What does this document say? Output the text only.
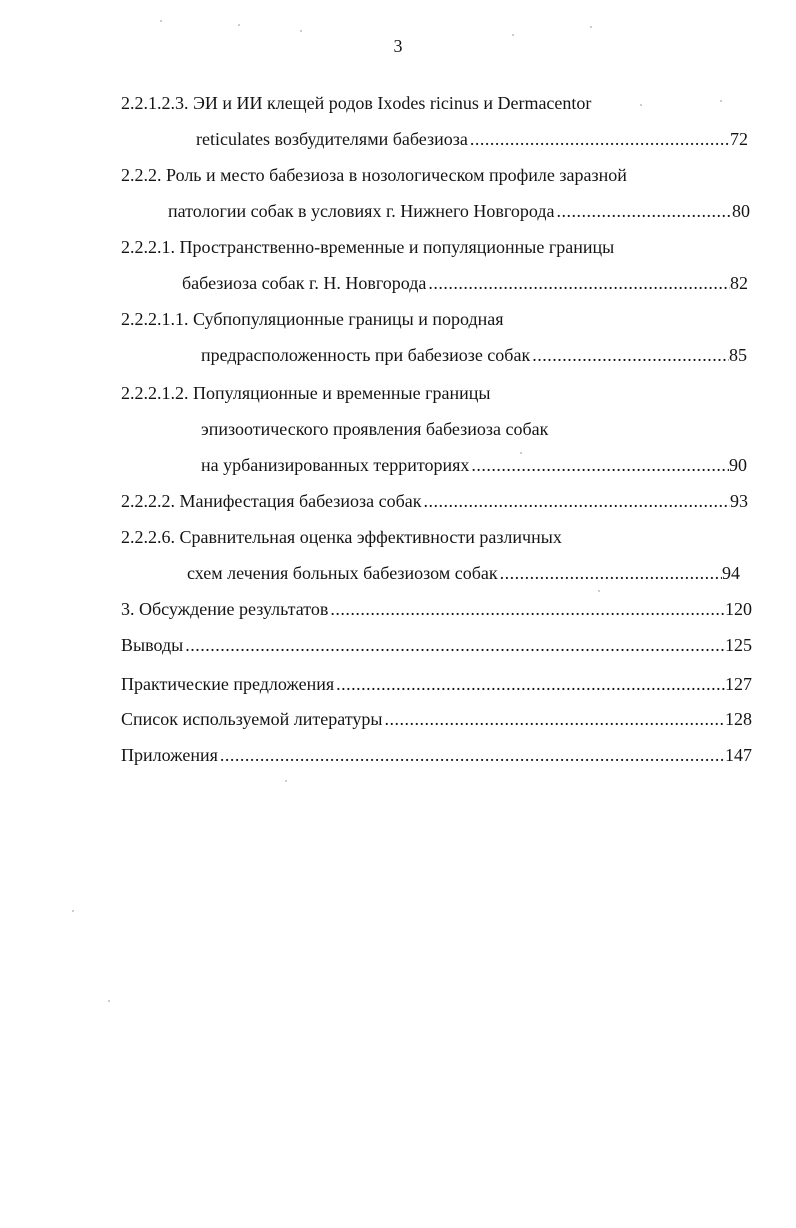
3
2.2.1.2.3. ЭИ и ИИ клещей родов Ixodes ricinus и Dermacentor
reticulates возбудителями бабезиоза .....	72
2.2.2. Роль и место бабезиоза в нозологическом профиле заразной
патологии собак в условиях г. Нижнего Новгорода .....	80
2.2.2.1. Пространственно-временные и популяционные границы
бабезиоза собак г. Н. Новгорода .....	82
2.2.2.1.1. Субпопуляционные границы и породная
предрасположенность при бабезиозе собак .....	85
2.2.2.1.2. Популяционные и временные границы
эпизоотического проявления бабезиоза собак
на урбанизированных территориях .....	90
2.2.2.2. Манифестация бабезиоза собак .....	93
2.2.2.6. Сравнительная оценка эффективности различных
схем лечения больных бабезиозом собак .....	94
3. Обсуждение результатов .....	120
Выводы .....	125
Практические предложения .....	127
Список используемой литературы .....	128
Приложения .....	147
